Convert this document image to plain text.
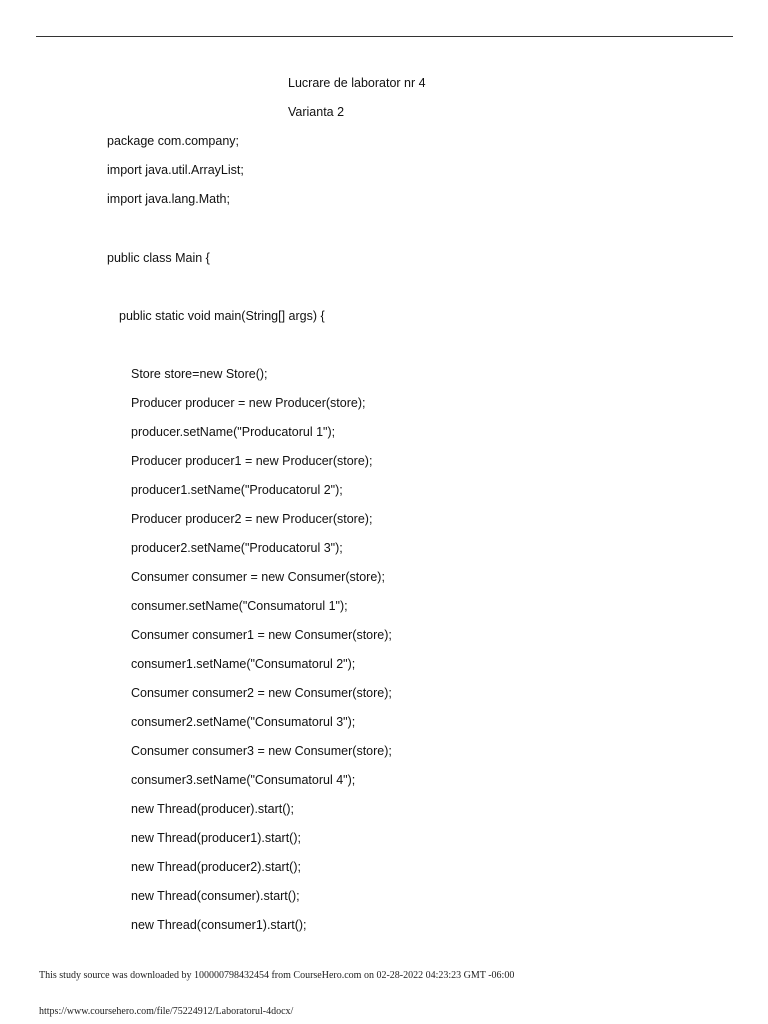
Lucrare de laborator nr 4
Varianta 2
package com.company;
import java.util.ArrayList;
import java.lang.Math;
public class Main {
public static void main(String[] args) {
Store store=new Store();
Producer producer = new Producer(store);
producer.setName("Producatorul 1");
Producer producer1 = new Producer(store);
producer1.setName("Producatorul 2");
Producer producer2 = new Producer(store);
producer2.setName("Producatorul 3");
Consumer consumer = new Consumer(store);
consumer.setName("Consumatorul 1");
Consumer consumer1 = new Consumer(store);
consumer1.setName("Consumatorul 2");
Consumer consumer2 = new Consumer(store);
consumer2.setName("Consumatorul 3");
Consumer consumer3 = new Consumer(store);
consumer3.setName("Consumatorul 4");
new Thread(producer).start();
new Thread(producer1).start();
new Thread(producer2).start();
new Thread(consumer).start();
new Thread(consumer1).start();
This study source was downloaded by 100000798432454 from CourseHero.com on 02-28-2022 04:23:23 GMT -06:00
https://www.coursehero.com/file/75224912/Laboratorul-4docx/
